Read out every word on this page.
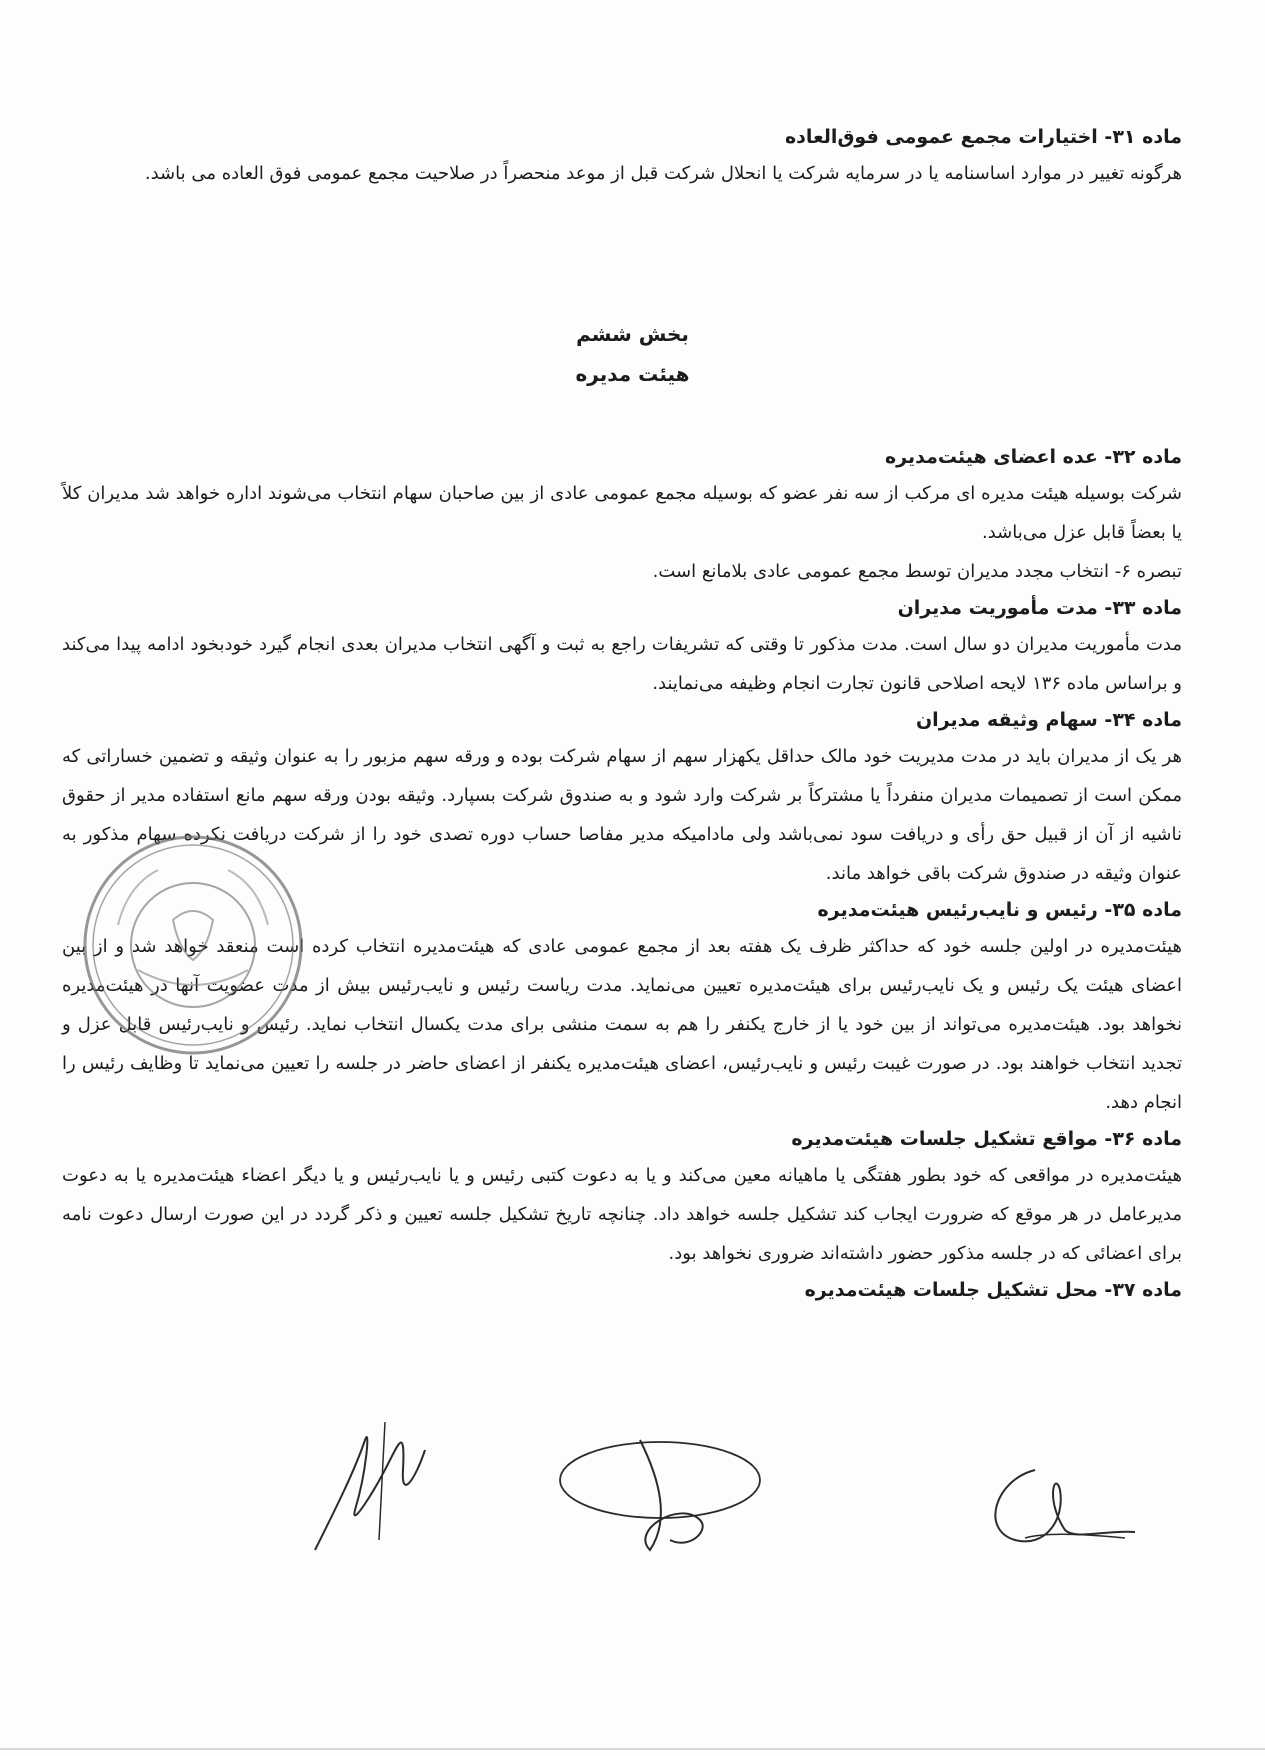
ماده ۳۱- اختیارات مجمع عمومی فوق‌العاده

هرگونه تغییر در موارد اساسنامه یا در سرمایه شرکت یا انحلال شرکت قبل از موعد منحصراً در صلاحیت مجمع عمومی فوق العاده می باشد.

بخش ششم
هیئت مدیره

ماده ۳۲- عده اعضای هیئت‌مدیره

شرکت بوسیله هیئت مدیره ای مرکب از سه نفر عضو که بوسیله مجمع عمومی عادی از بین صاحبان سهام انتخاب می‌شوند اداره خواهد شد مدیران کلاً یا بعضاً قابل عزل می‌باشد.

تبصره ۶- انتخاب مجدد مدیران توسط مجمع عمومی عادی بلامانع است.

ماده ۳۳- مدت مأموریت مدیران

مدت مأموریت مدیران دو سال است. مدت مذکور تا وقتی که تشریفات راجع به ثبت و آگهی انتخاب مدیران بعدی انجام گیرد خودبخود ادامه پیدا می‌کند و براساس ماده ۱۳۶ لایحه اصلاحی قانون تجارت انجام وظیفه می‌نمایند.

ماده ۳۴- سهام وثیقه مدیران

هر یک از مدیران باید در مدت مدیریت خود مالک حداقل یکهزار سهم از سهام شرکت بوده و ورقه سهم مزبور را به عنوان وثیقه و تضمین خساراتی که ممکن است از تصمیمات مدیران منفرداً یا مشترکاً بر شرکت وارد شود و به صندوق شرکت بسپارد. وثیقه بودن ورقه سهم مانع استفاده مدیر از حقوق ناشیه از آن از قبیل حق رأی و دریافت سود نمی‌باشد ولی مادامیکه مدیر مفاصا حساب دوره تصدی خود را از شرکت دریافت نکرده سهام مذکور به عنوان وثیقه در صندوق شرکت باقی خواهد ماند.

ماده ۳۵- رئیس و نایب‌رئیس هیئت‌مدیره

هیئت‌مدیره در اولین جلسه خود که حداکثر ظرف یک هفته بعد از مجمع عمومی عادی که هیئت‌مدیره انتخاب کرده است منعقد خواهد شد و از بین اعضای هیئت یک رئیس و یک نایب‌رئیس برای هیئت‌مدیره تعیین می‌نماید. مدت ریاست رئیس و نایب‌رئیس بیش از مدت عضویت آنها در هیئت‌مدیره نخواهد بود. هیئت‌مدیره می‌تواند از بین خود یا از خارج یکنفر را هم به سمت منشی برای مدت یکسال انتخاب نماید. رئیس و نایب‌رئیس قابل عزل و تجدید انتخاب خواهند بود. در صورت غیبت رئیس و نایب‌رئیس، اعضای هیئت‌مدیره یکنفر از اعضای حاضر در جلسه را تعیین می‌نماید تا وظایف رئیس را انجام دهد.

ماده ۳۶- مواقع تشکیل جلسات هیئت‌مدیره

هیئت‌مدیره در مواقعی که خود بطور هفتگی یا ماهیانه معین می‌کند و یا به دعوت کتبی رئیس و یا نایب‌رئیس و یا دیگر اعضاء هیئت‌مدیره یا به دعوت مدیرعامل در هر موقع که ضرورت ایجاب کند تشکیل جلسه خواهد داد. چنانچه تاریخ تشکیل جلسه تعیین و ذکر گردد در این صورت ارسال دعوت نامه برای اعضائی که در جلسه مذکور حضور داشته‌اند ضروری نخواهد بود.

ماده ۳۷- محل تشکیل جلسات هیئت‌مدیره
